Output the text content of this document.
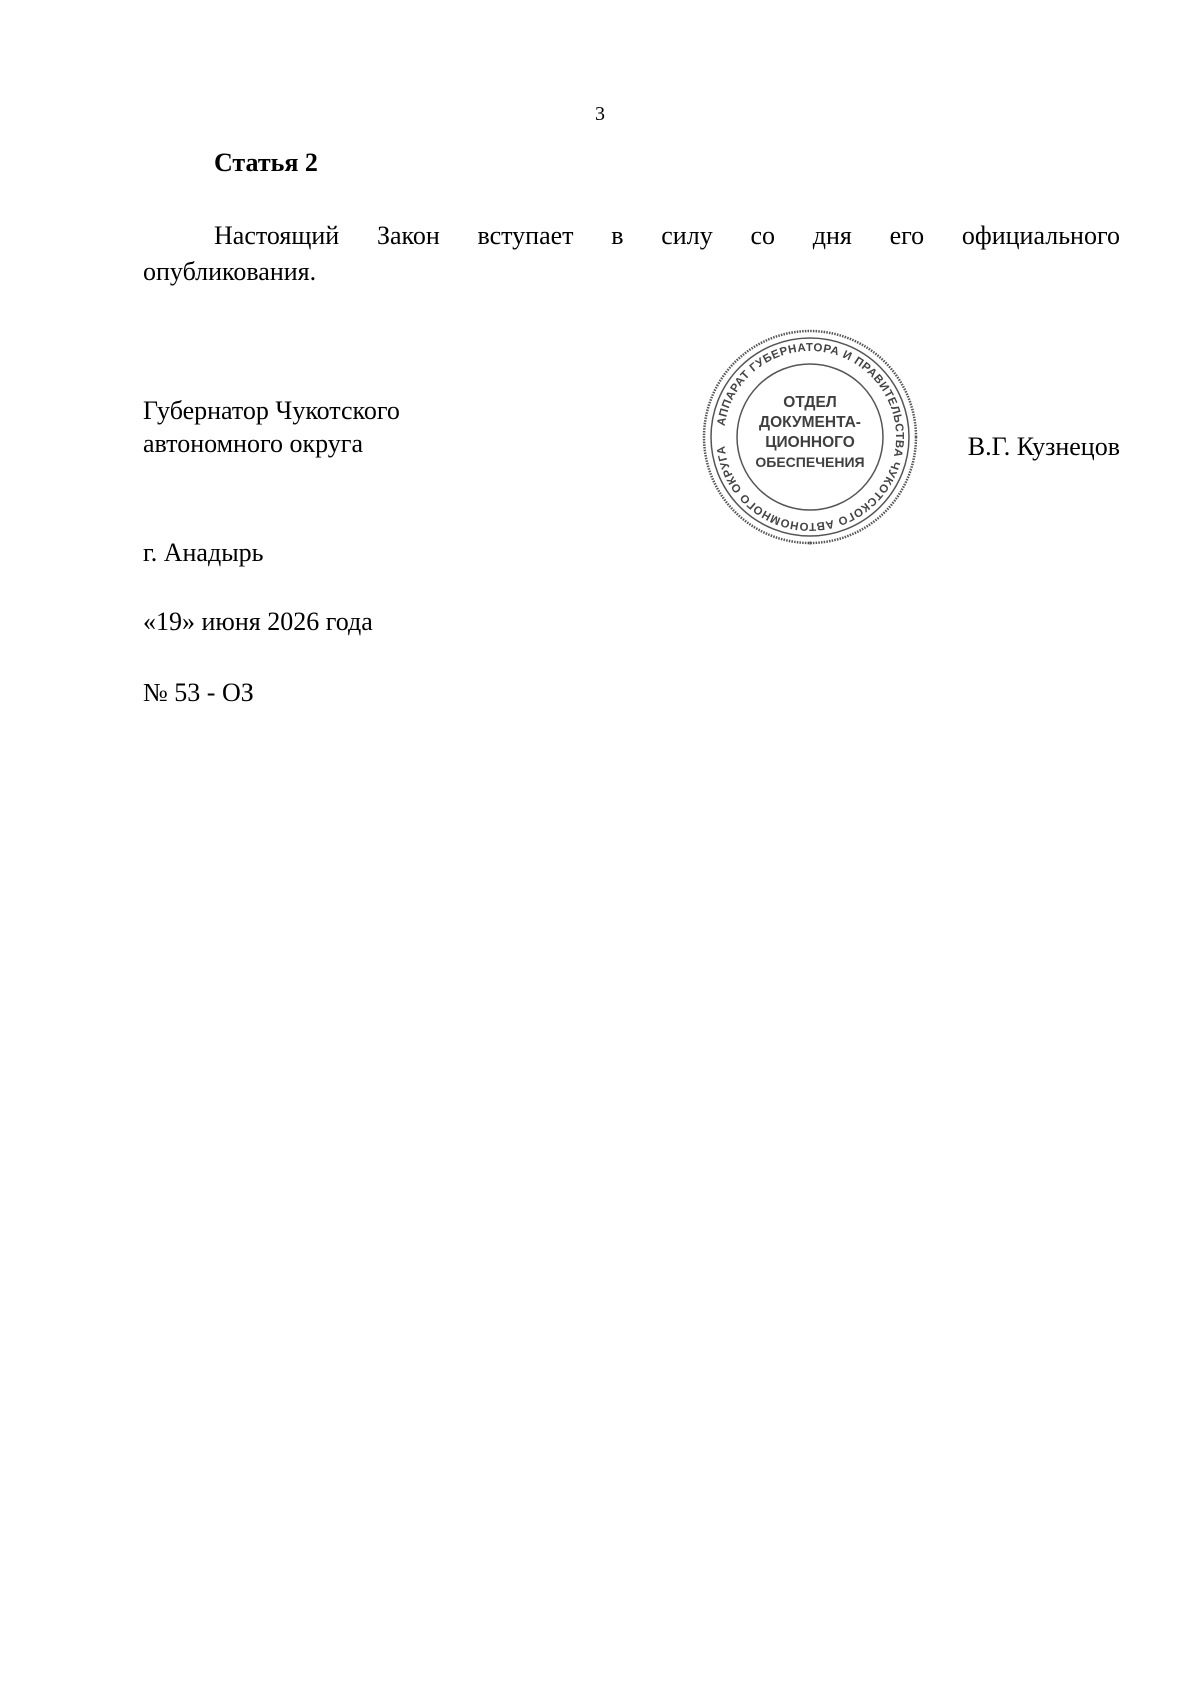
3
Статья 2
Настоящий Закон вступает в силу со дня его официального
опубликования.
Губернатор Чукотского
автономного округа
АППАРАТ ГУБЕРНАТОРА И ПРАВИТЕЛЬСТВА ЧУКОТСКОГО АВТОНОМНОГО ОКРУГА
*
ОТДЕЛ
ДОКУМЕНТА-
ЦИОННОГО
ОБЕСПЕЧЕНИЯ
В.Г. Кузнецов
г. Анадырь
«19» июня 2026 года
№ 53 - ОЗ
